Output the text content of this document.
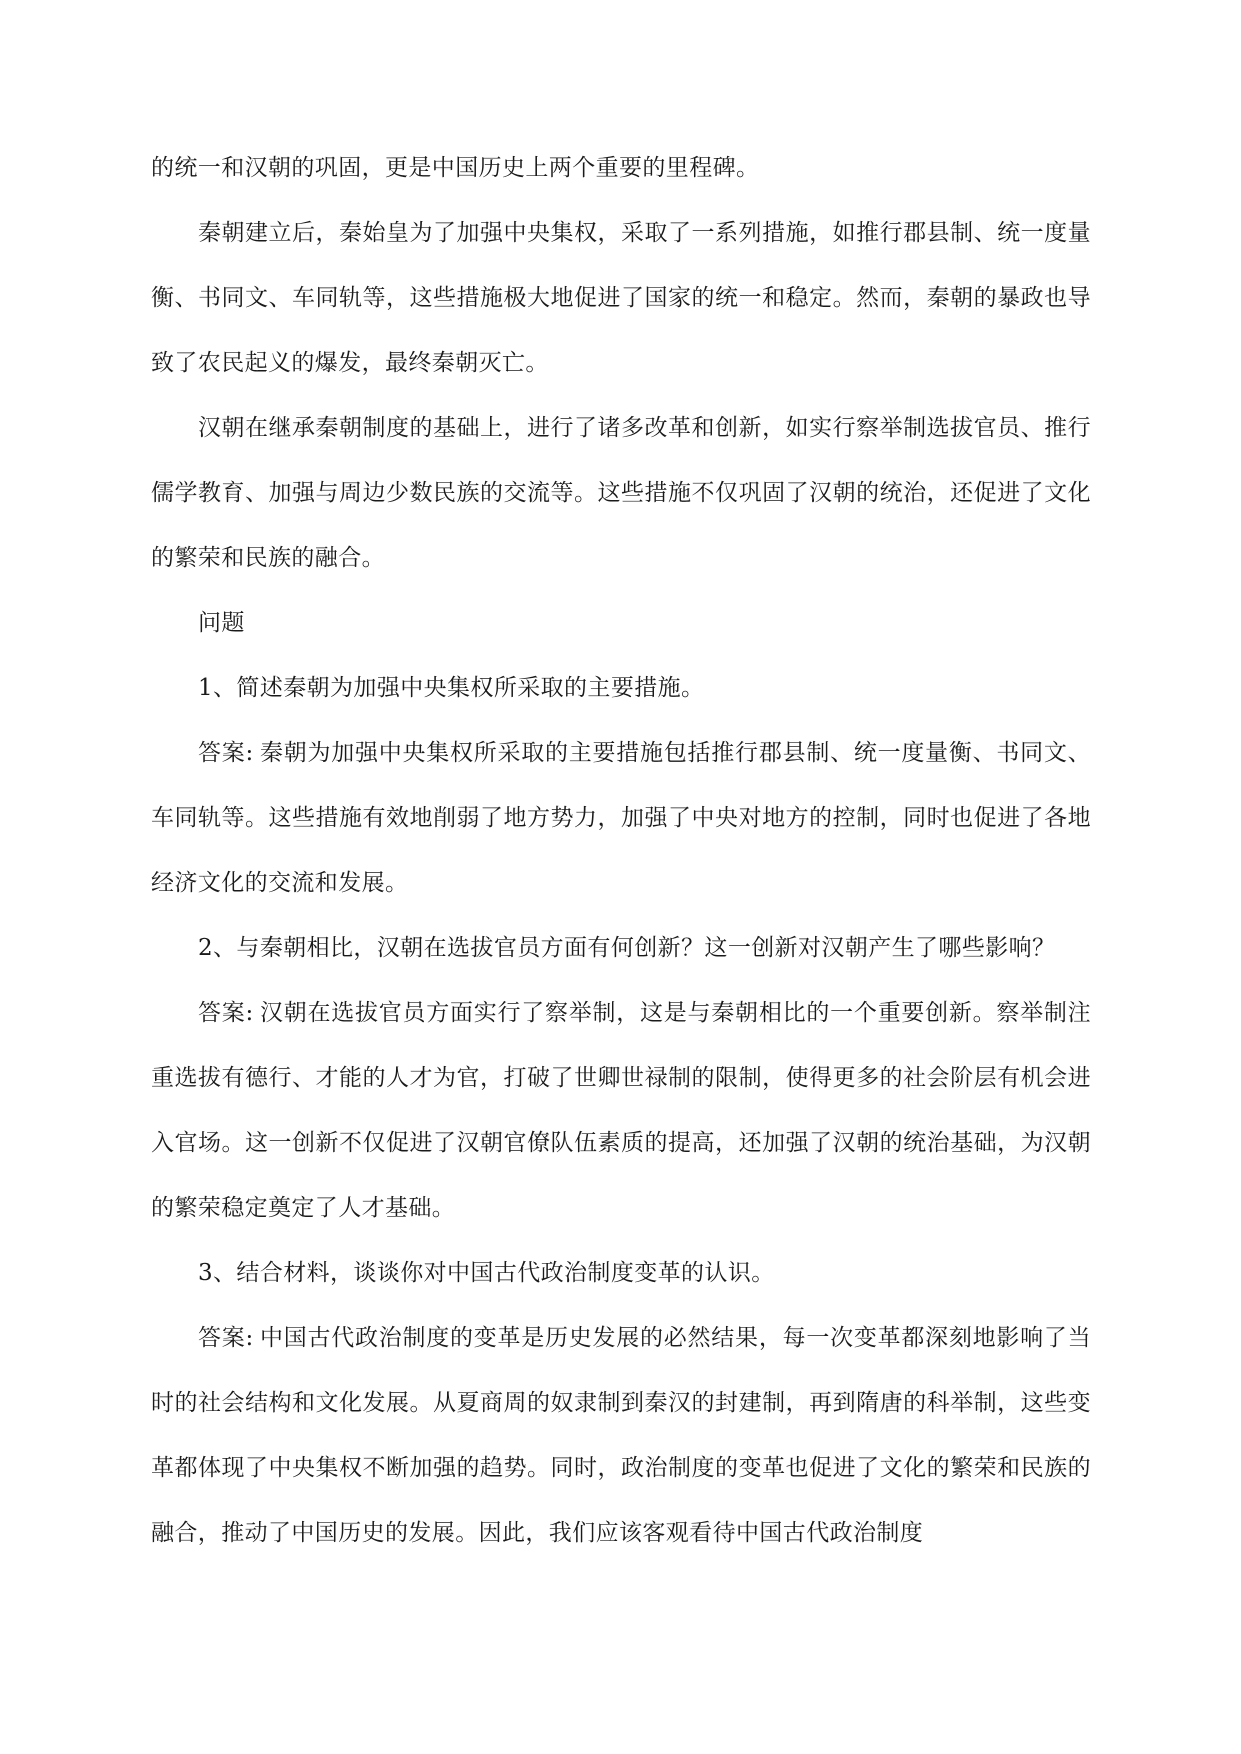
的统一和汉朝的巩固，更是中国历史上两个重要的里程碑。

秦朝建立后，秦始皇为了加强中央集权，采取了一系列措施，如推行郡县制、统一度量衡、书同文、车同轨等，这些措施极大地促进了国家的统一和稳定。然而，秦朝的暴政也导致了农民起义的爆发，最终秦朝灭亡。

汉朝在继承秦朝制度的基础上，进行了诸多改革和创新，如实行察举制选拔官员、推行儒学教育、加强与周边少数民族的交流等。这些措施不仅巩固了汉朝的统治，还促进了文化的繁荣和民族的融合。

问题

1、简述秦朝为加强中央集权所采取的主要措施。

答案: 秦朝为加强中央集权所采取的主要措施包括推行郡县制、统一度量衡、书同文、车同轨等。这些措施有效地削弱了地方势力，加强了中央对地方的控制，同时也促进了各地经济文化的交流和发展。

2、与秦朝相比，汉朝在选拔官员方面有何创新？这一创新对汉朝产生了哪些影响？

答案: 汉朝在选拔官员方面实行了察举制，这是与秦朝相比的一个重要创新。察举制注重选拔有德行、才能的人才为官，打破了世卿世禄制的限制，使得更多的社会阶层有机会进入官场。这一创新不仅促进了汉朝官僚队伍素质的提高，还加强了汉朝的统治基础，为汉朝的繁荣稳定奠定了人才基础。

3、结合材料，谈谈你对中国古代政治制度变革的认识。

答案: 中国古代政治制度的变革是历史发展的必然结果，每一次变革都深刻地影响了当时的社会结构和文化发展。从夏商周的奴隶制到秦汉的封建制，再到隋唐的科举制，这些变革都体现了中央集权不断加强的趋势。同时，政治制度的变革也促进了文化的繁荣和民族的融合，推动了中国历史的发展。因此，我们应该客观看待中国古代政治制度
